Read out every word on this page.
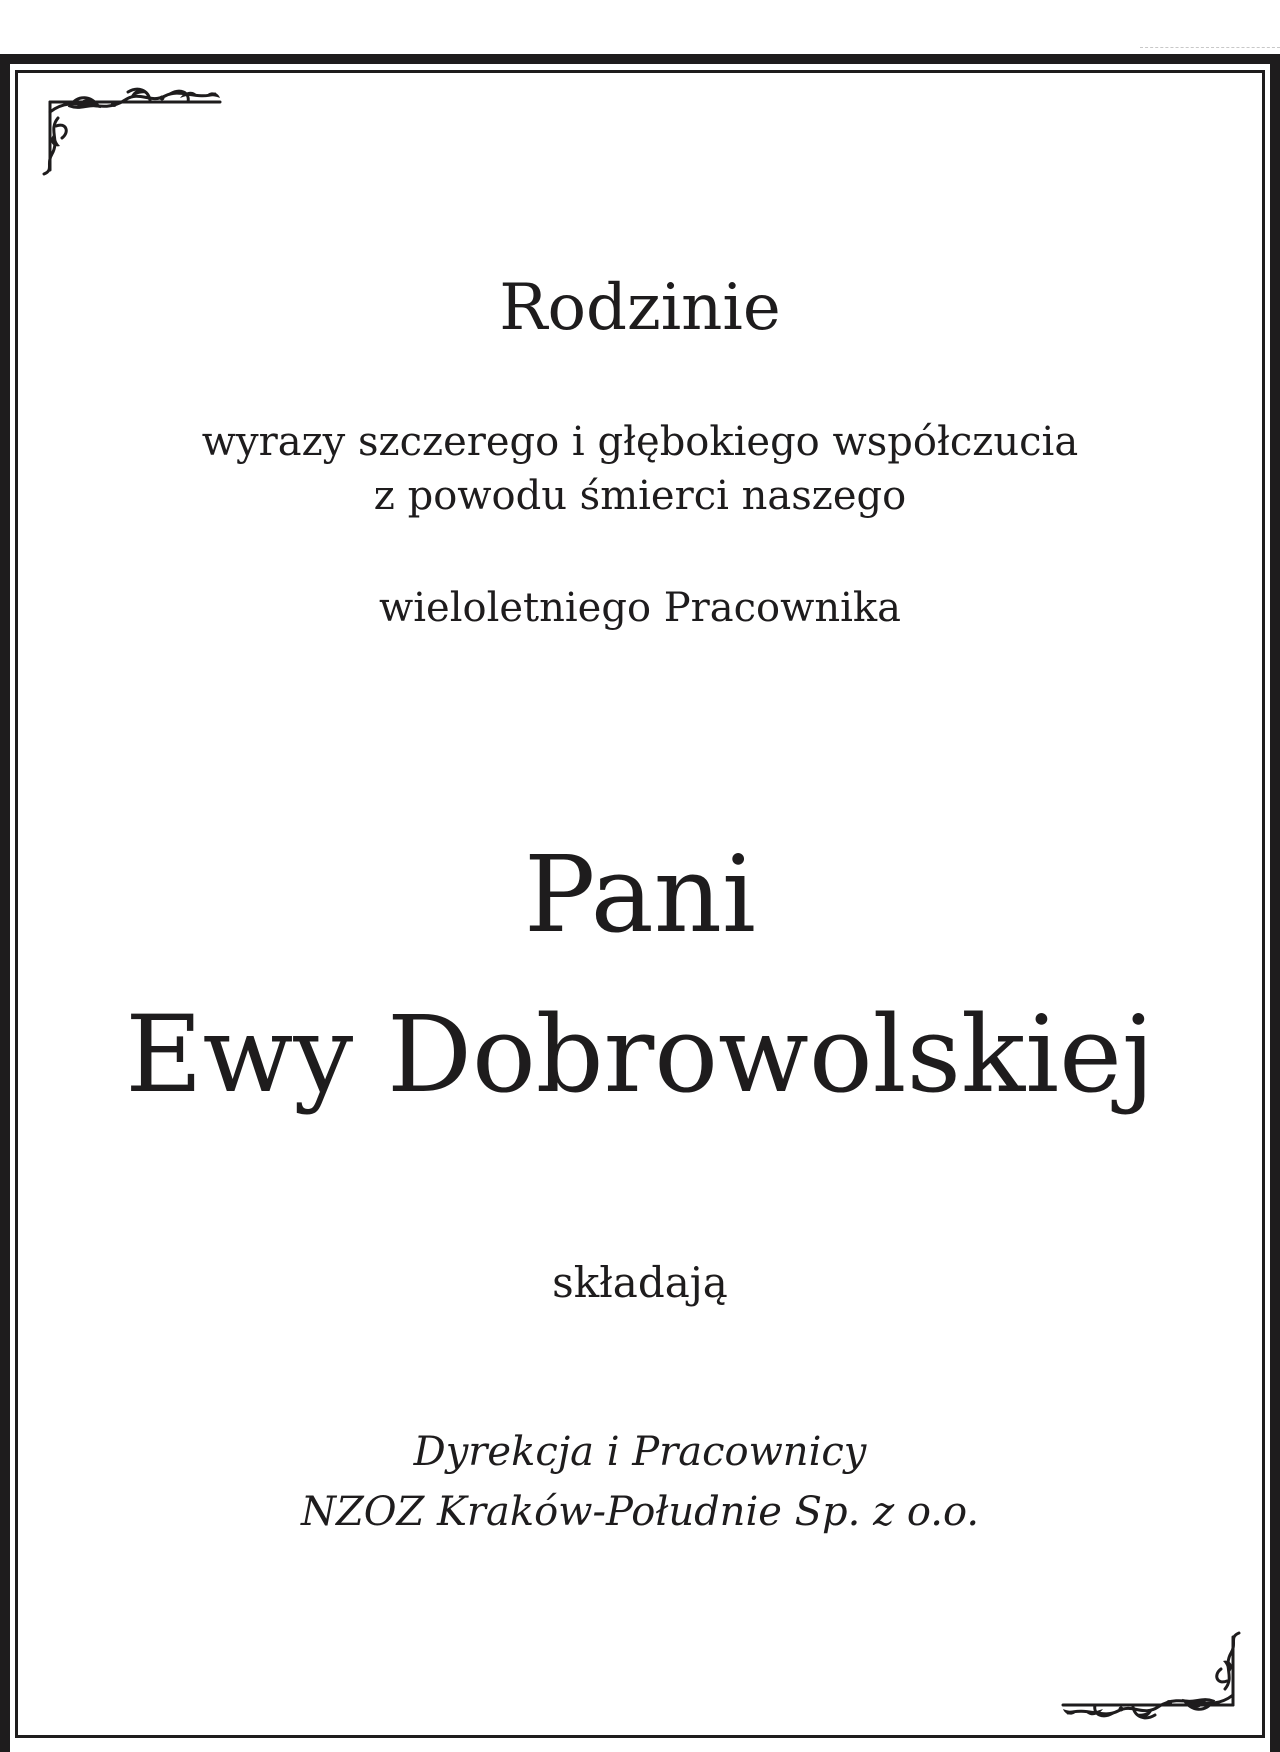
Rodzinie
wyrazy szczerego i głębokiego współczucia
z powodu śmierci naszego
wieloletniego Pracownika
Pani
Ewy Dobrowolskiej
składają
Dyrekcja i Pracownicy
NZOZ Kraków-Południe Sp. z o.o.
